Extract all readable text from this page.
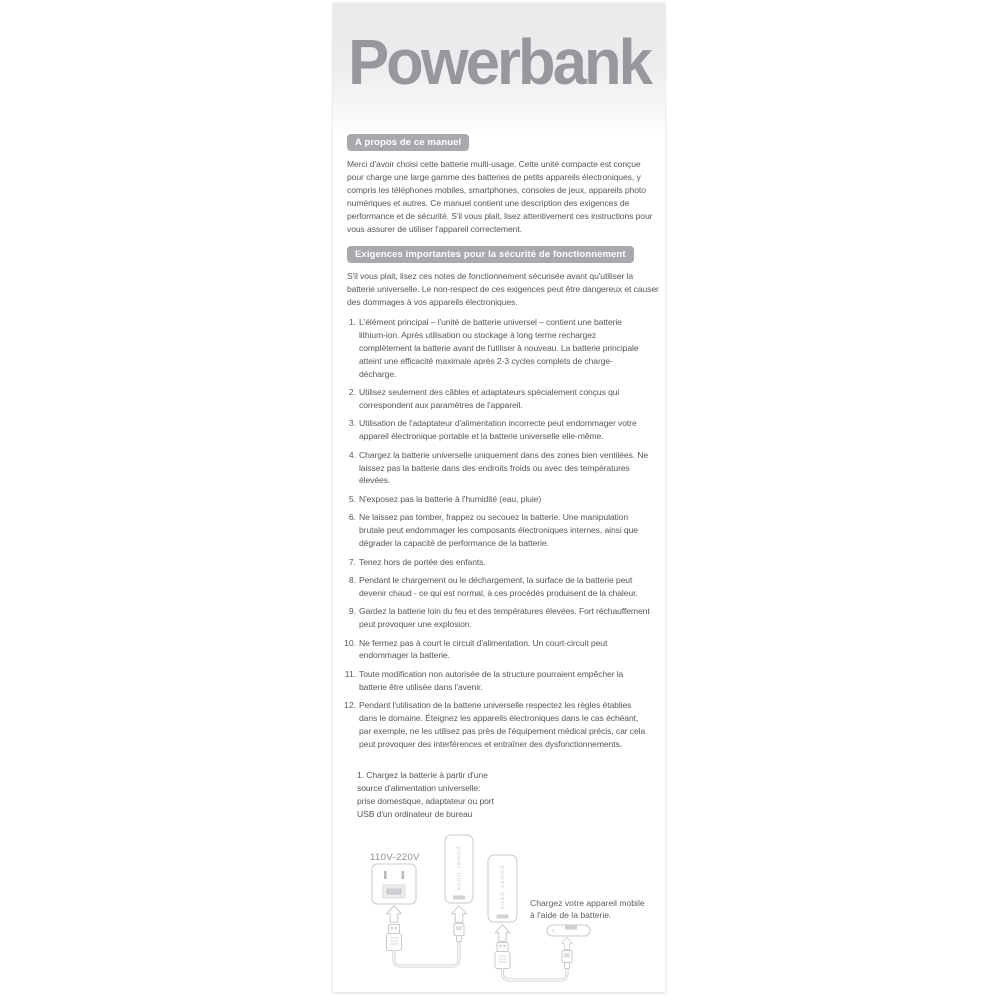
Powerbank
A propos de ce manuel
Merci d'avoir choisi cette batterie multi-usage. Cette unité compacte est conçue pour charge une large gamme des batteries de petits appareils électroniques, y compris les téléphones mobiles, smartphones, consoles de jeux, appareils photo numériques et autres. Ce manuel contient une description des exigences de performance et de sécurité. S'il vous plait, lisez attentivement ces instructions pour vous assurer de utiliser l'appareil correctement.
Exigences importantes pour la sécurité de fonctionnement
S'il vous plait, lisez ces notes de fonctionnement sécurisée avant qu'utiliser la batterie universelle. Le non-respect de ces exigences peut être dangereux et causer des dommages à vos appareils électroniques.
1. L'élément principal – l'unité de batterie universel – contient une batterie lithium-ion. Après utilisation ou stockage à long terme rechargez complètement la batterie avant de l'utiliser à nouveau. La batterie principale atteint une efficacité maximale après 2-3 cycles complets de charge-décharge.
2. Utilisez seulement des câbles et adaptateurs spécialement conçus qui correspondent aux paramètres de l'appareil.
3. Utilisation de l'adaptateur d'alimentation incorrecte peut endommager votre appareil électronique portable et la batterie universelle elle-même.
4. Chargez la batterie universelle uniquement dans des zones bien ventilées. Ne laissez pas la batterie dans des endroits froids ou avec des températures élevées.
5. N'exposez pas la batterie à l'humidité (eau, pluie)
6. Ne laissez pas tomber, frappez ou secouez la batterie. Une manipulation brutale peut endommager les composants électroniques internes, ainsi que dégrader la capacité de performance de la batterie.
7. Tenez hors de portée des enfants.
8. Pendant le chargement ou le déchargement, la surface de la batterie peut devenir chaud - ce qui est normal, à ces procédés produisent de la chaleur.
9. Gardez la batterie loin du feu et des températures élevées. Fort réchauffement peut provoquer une explosion.
10. Ne fermez pas à court le circuit d'alimentation. Un court-circuit peut endommager la batterie.
11. Toute modification non autorisée de la structure pourraient empêcher la batterie être utilisée dans l'avenir.
12. Pendant l'utilisation de la batterie universelle respectez les règles établies dans le domaine. Éteignez les appareils électroniques dans le cas échéant, par exemple, ne les utilisez pas près de l'équipement médical précis, car cela peut provoquer des interférences et entraîner des dysfonctionnements.
1. Chargez la batterie à partir d'une
source d'alimentation universelle:
prise domestique, adaptateur ou port
USB d'un ordinateur de bureau
110V-220V	power bank	power bank	Chargez votre appareil mobile
à l'aide de la batterie.
